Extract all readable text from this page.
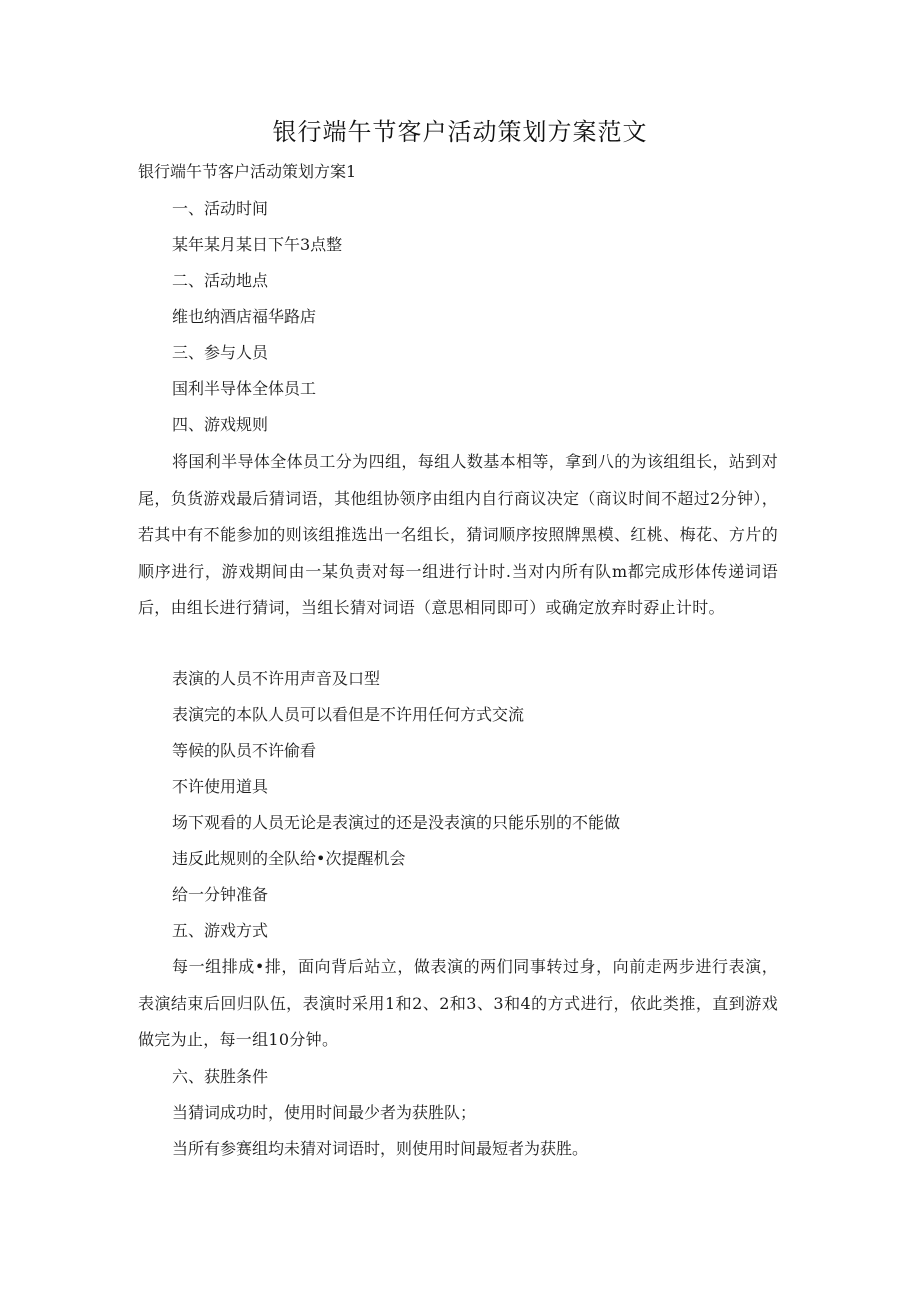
银行端午节客户活动策划方案范文
银行端午节客户活动策划方案1
一、活动时间
某年某月某日下午3点整
二、活动地点
维也纳酒店福华路店
三、参与人员
国利半导体全体员工
四、游戏规则
将国利半导体全体员工分为四组，每组人数基本相等，拿到八的为该组组长，站到对尾，负货游戏最后猜词语，其他组协领序由组内自行商议决定（商议时间不超过2分钟），若其中有不能参加的则该组推选出一名组长，猜词顺序按照牌黑模、红桃、梅花、方片的顺序进行，游戏期间由一某负责对每一组进行计时.当对内所有队m都完成形体传递词语后，由组长进行猜词，当组长猜对词语（意思相同即可）或确定放弃时孬止计时。
表演的人员不许用声音及口型
表演完的本队人员可以看但是不许用任何方式交流
等候的队员不许偷看
不许使用道具
场下观看的人员无论是表演过的还是没表演的只能乐别的不能做
违反此规则的全队给•次提醒机会
给一分钟准备
五、游戏方式
每一组排成•排，面向背后站立，做表演的两们同事转过身，向前走两步进行表演，表演结束后回归队伍，表演时采用1和2、2和3、3和4的方式进行，依此类推，直到游戏做完为止，每一组10分钟。
六、获胜条件
当猜词成功时，使用时间最少者为获胜队；
当所有参赛组均未猜对词语时，则使用时间最短者为获胜。
